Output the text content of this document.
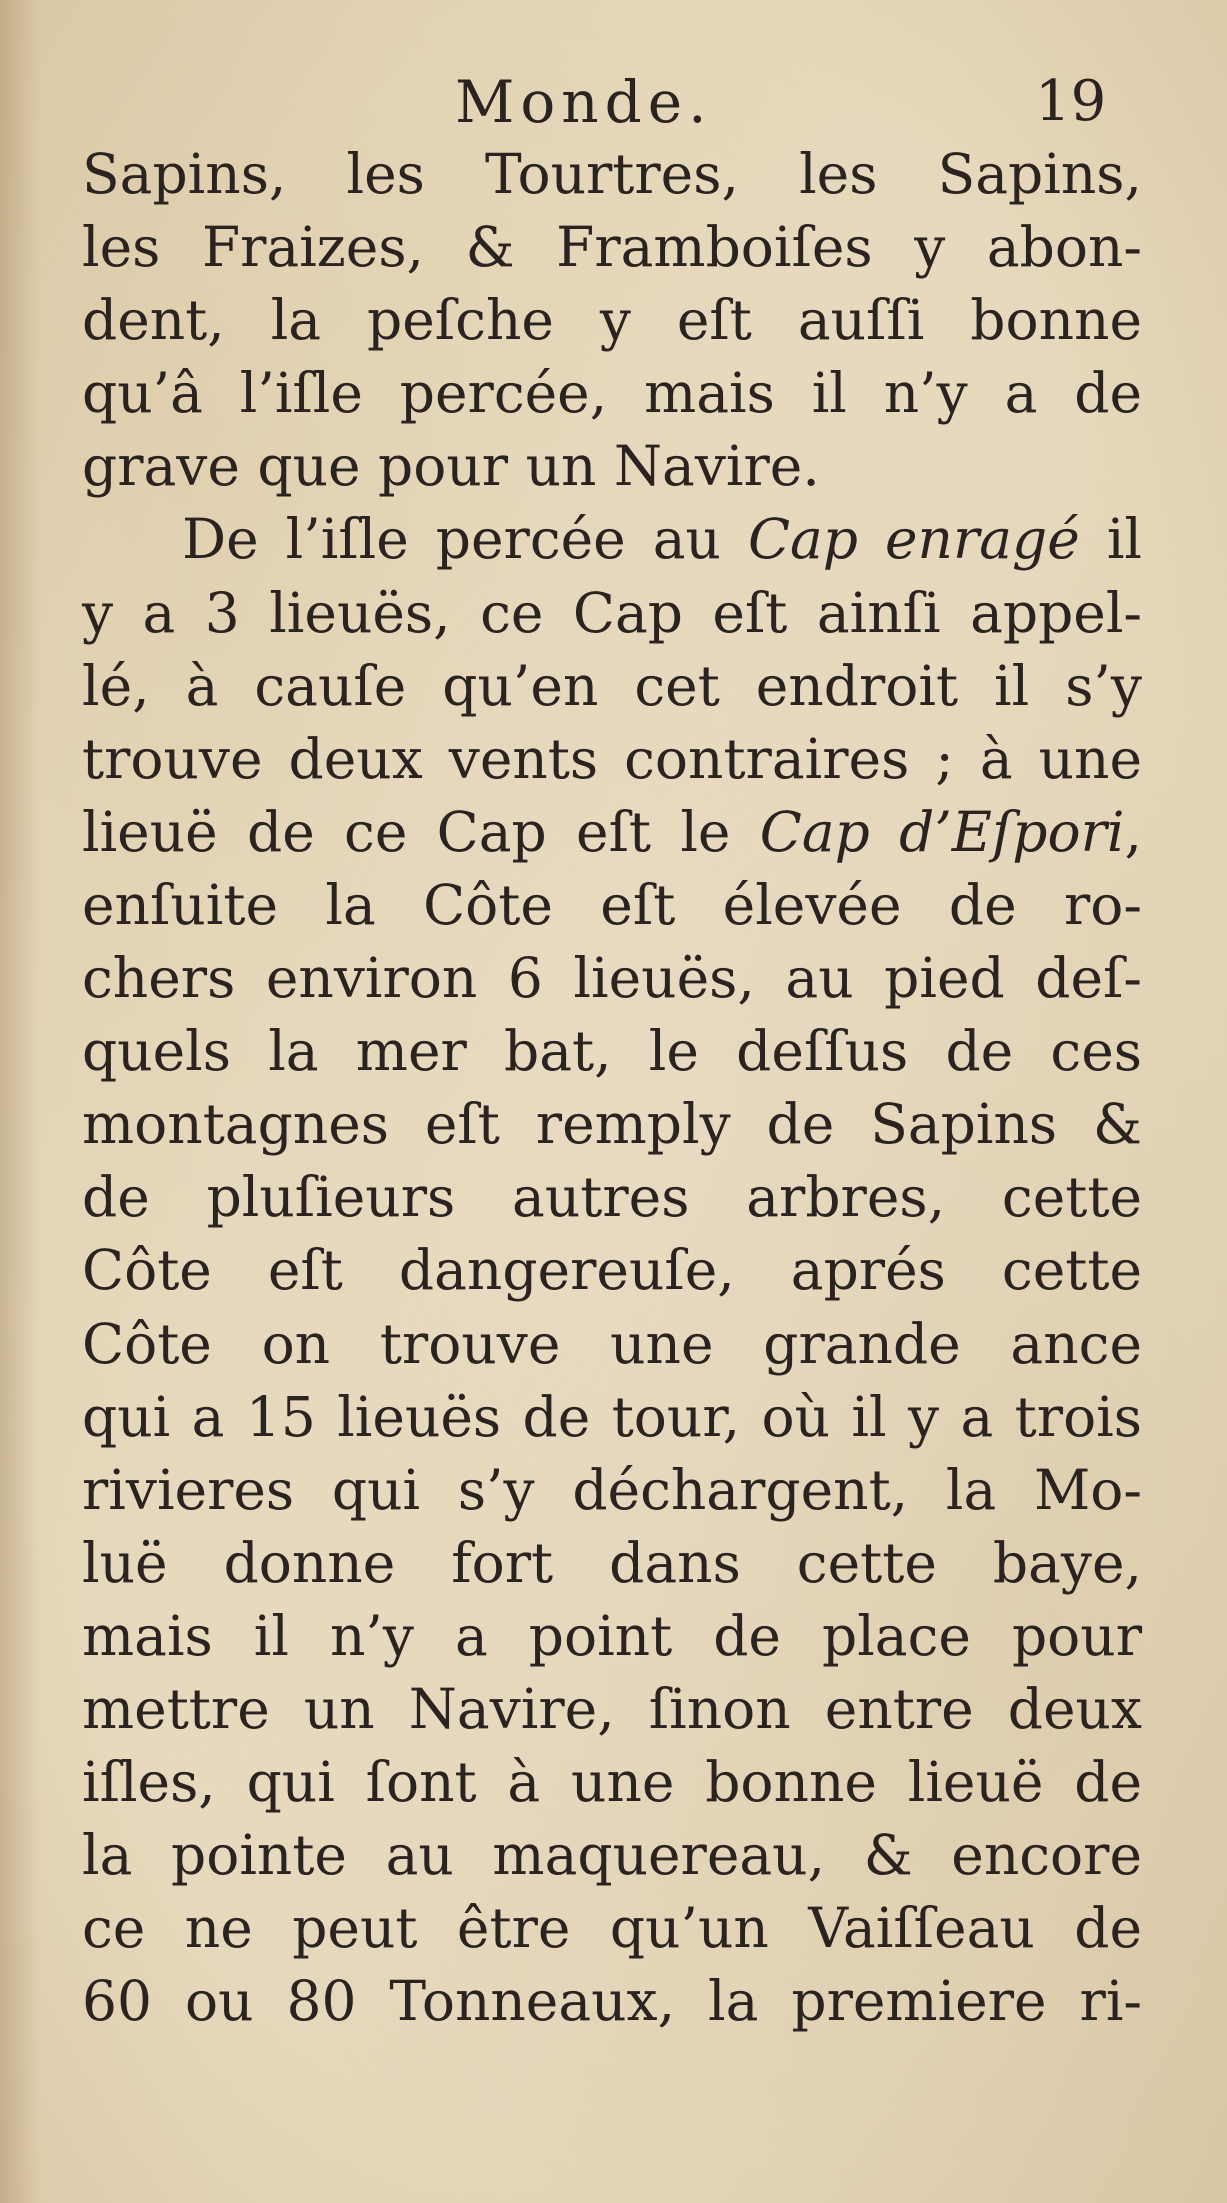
Monde.	19
Sapins, les Tourtres, les Sapins,
les Fraizes, & Framboiſes y abon-
dent, la peſche y eſt auſſi bonne
qu’â l’iſle percée, mais il n’y a de
grave que pour un Navire.
De l’iſle percée au Cap enragé il
y a 3 lieuës, ce Cap eſt ainſi appel-
lé, à cauſe qu’en cet endroit il s’y
trouve deux vents contraires ; à une
lieuë de ce Cap eſt le Cap d’Eſpori,
enſuite la Côte eſt élevée de ro-
chers environ 6 lieuës, au pied deſ-
quels la mer bat, le deſſus de ces
montagnes eſt remply de Sapins &
de pluſieurs autres arbres, cette
Côte eſt dangereuſe, aprés cette
Côte on trouve une grande ance
qui a 15 lieuës de tour, où il y a trois
rivieres qui s’y déchargent, la Mo-
luë donne fort dans cette baye,
mais il n’y a point de place pour
mettre un Navire, ſinon entre deux
iſles, qui ſont à une bonne lieuë de
la pointe au maquereau, & encore
ce ne peut être qu’un Vaiſſeau de
60 ou 80 Tonneaux, la premiere ri-
